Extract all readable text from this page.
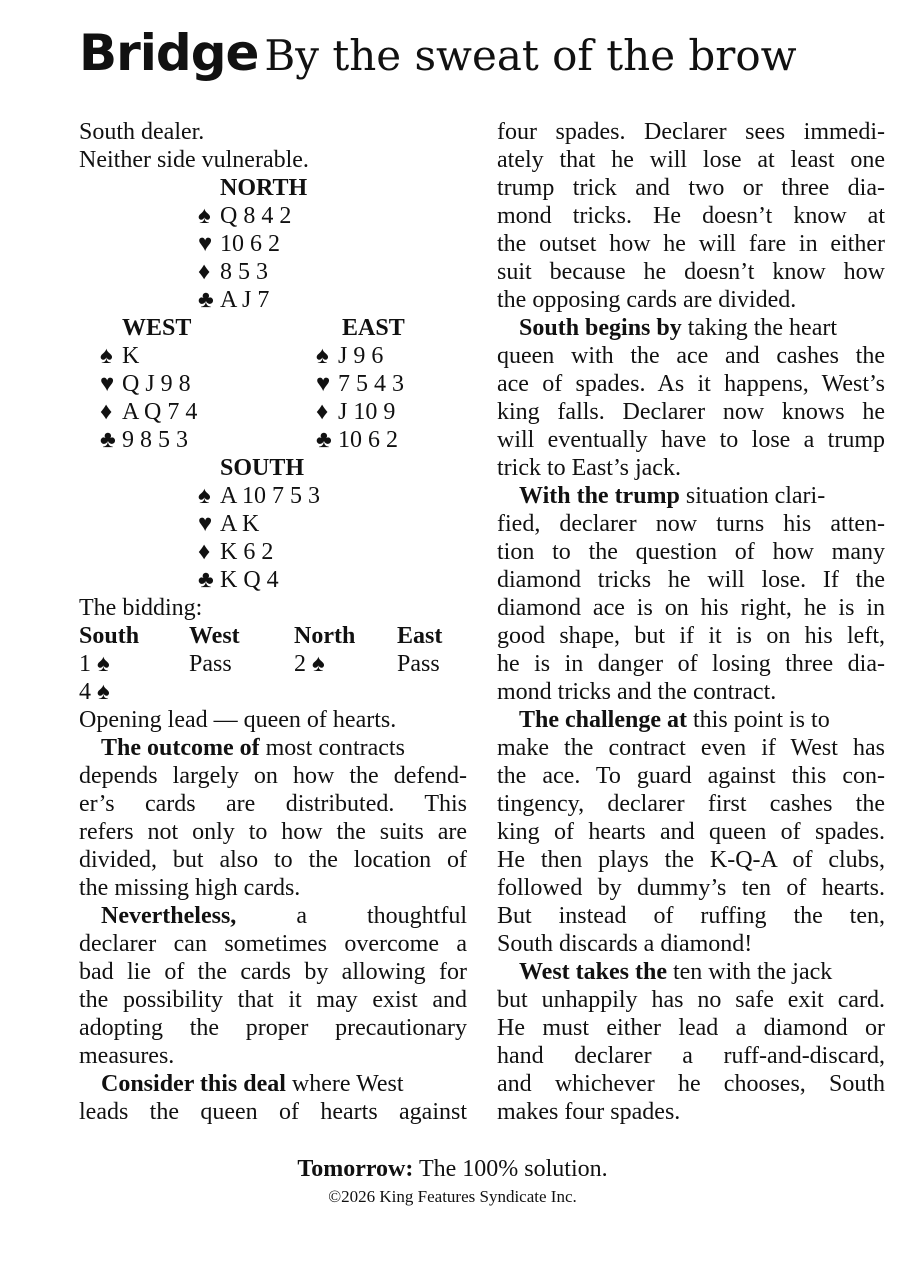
Bridge By the sweat of the brow
South dealer.
Neither side vulnerable.
NORTH
♠ Q 8 4 2
♥ 10 6 2
♦ 8 5 3
♣ A J 7
WEST	EAST
♠ K	♠ J 9 6
♥ Q J 9 8	♥ 7 5 4 3
♦ A Q 7 4	♦ J 10 9
♣ 9 8 5 3	♣ 10 6 2
SOUTH
♠ A 10 7 5 3
♥ A K
♦ K 6 2
♣ K Q 4
The bidding:
South West North East
1 ♠	Pass	2 ♠	Pass
4 ♠
Opening lead — queen of hearts.
The outcome of most contracts
depends largely on how the defend-
er’s cards are distributed. This
refers not only to how the suits are
divided, but also to the location of
the missing high cards.
Nevertheless, a thoughtful
declarer can sometimes overcome a
bad lie of the cards by allowing for
the possibility that it may exist and
adopting the proper precautionary
measures.
Consider this deal where West
leads the queen of hearts against
four spades. Declarer sees immedi-
ately that he will lose at least one
trump trick and two or three dia-
mond tricks. He doesn’t know at
the outset how he will fare in either
suit because he doesn’t know how
the opposing cards are divided.
South begins by taking the heart
queen with the ace and cashes the
ace of spades. As it happens, West’s
king falls. Declarer now knows he
will eventually have to lose a trump
trick to East’s jack.
With the trump situation clari-
fied, declarer now turns his atten-
tion to the question of how many
diamond tricks he will lose. If the
diamond ace is on his right, he is in
good shape, but if it is on his left,
he is in danger of losing three dia-
mond tricks and the contract.
The challenge at this point is to
make the contract even if West has
the ace. To guard against this con-
tingency, declarer first cashes the
king of hearts and queen of spades.
He then plays the K-Q-A of clubs,
followed by dummy’s ten of hearts.
But instead of ruffing the ten,
South discards a diamond!
West takes the ten with the jack
but unhappily has no safe exit card.
He must either lead a diamond or
hand declarer a ruff-and-discard,
and whichever he chooses, South
makes four spades.
Tomorrow: The 100% solution.
©2026 King Features Syndicate Inc.
